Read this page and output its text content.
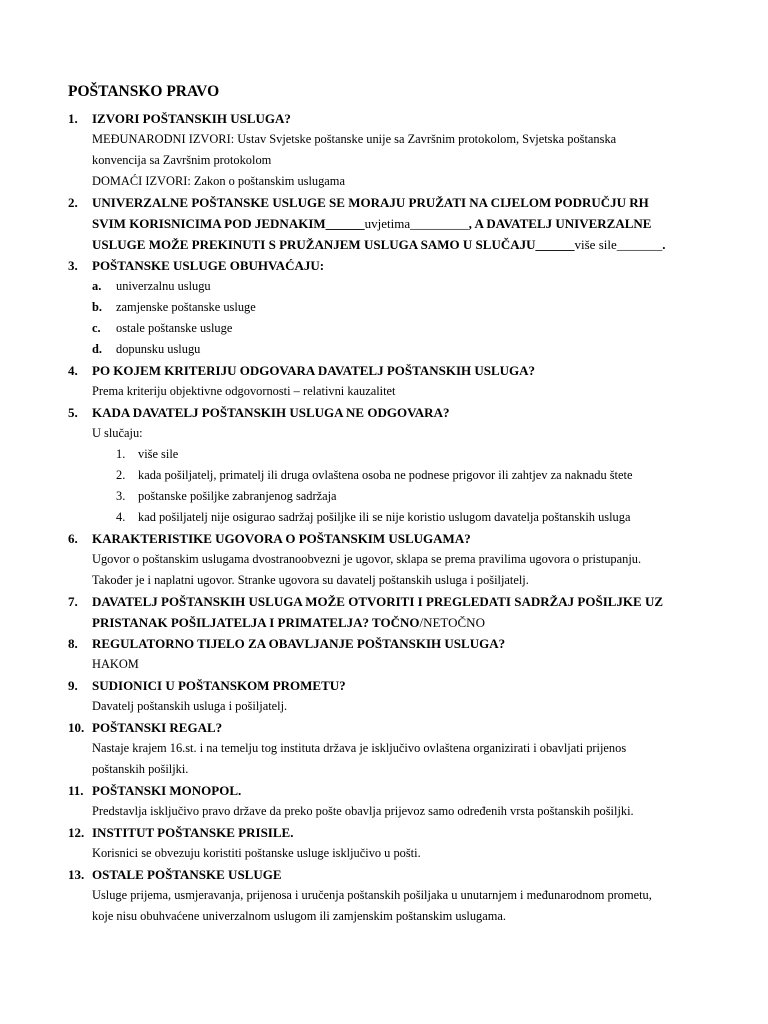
POŠTANSKO PRAVO
1.	IZVORI POŠTANSKIH USLUGA?
MEĐUNARODNI IZVORI: Ustav Svjetske poštanske unije sa Završnim protokolom, Svjetska poštanska
konvencija sa Završnim protokolom
DOMAĆI IZVORI: Zakon o poštanskim uslugama
2.	UNIVERZALNE POŠTANSKE USLUGE SE MORAJU PRUŽATI NA CIJELOM PODRUČJU RH
SVIM KORISNICIMA POD JEDNAKIM______uvjetima_________, A DAVATELJ UNIVERZALNE
USLUGE MOŽE PREKINUTI S PRUŽANJEM USLUGA SAMO U SLUČAJU______više sile_______.
3.	POŠTANSKE USLUGE OBUHVAĆAJU:
a.	univerzalnu uslugu
b.	zamjenske poštanske usluge
c.	ostale poštanske usluge
d.	dopunsku uslugu
4.	PO KOJEM KRITERIJU ODGOVARA DAVATELJ POŠTANSKIH USLUGA?
Prema kriteriju objektivne odgovornosti – relativni kauzalitet
5.	KADA DAVATELJ POŠTANSKIH USLUGA NE ODGOVARA?
U slučaju:
1.	više sile
2.	kada pošiljatelj, primatelj ili druga ovlaštena osoba ne podnese prigovor ili zahtjev za naknadu štete
3.	poštanske pošiljke zabranjenog sadržaja
4.	kad pošiljatelj nije osigurao sadržaj pošiljke ili se nije koristio uslugom davatelja poštanskih usluga
6.	KARAKTERISTIKE UGOVORA O POŠTANSKIM USLUGAMA?
Ugovor o poštanskim uslugama dvostranoobvezni je ugovor, sklapa se prema pravilima ugovora o pristupanju.
Također je i naplatni ugovor. Stranke ugovora su davatelj poštanskih usluga i pošiljatelj.
7.	DAVATELJ POŠTANSKIH USLUGA MOŽE OTVORITI I PREGLEDATI SADRŽAJ POŠILJKE UZ
PRISTANAK POŠILJATELJA I PRIMATELJA? TOČNO/NETOČNO
8.	REGULATORNO TIJELO ZA OBAVLJANJE POŠTANSKIH USLUGA?
HAKOM
9.	SUDIONICI U POŠTANSKOM PROMETU?
Davatelj poštanskih usluga i pošiljatelj.
10. POŠTANSKI REGAL?
Nastaje krajem 16.st. i na temelju tog instituta država je isključivo ovlaštena organizirati i obavljati prijenos
poštanskih pošiljki.
11. POŠTANSKI MONOPOL.
Predstavlja isključivo pravo države da preko pošte obavlja prijevoz samo određenih vrsta poštanskih pošiljki.
12. INSTITUT POŠTANSKE PRISILE.
Korisnici se obvezuju koristiti poštanske usluge isključivo u pošti.
13. OSTALE POŠTANSKE USLUGE
Usluge prijema, usmjeravanja, prijenosa i uručenja poštanskih pošiljaka u unutarnjem i međunarodnom prometu,
koje nisu obuhvaćene univerzalnom uslugom ili zamjenskim poštanskim uslugama.
